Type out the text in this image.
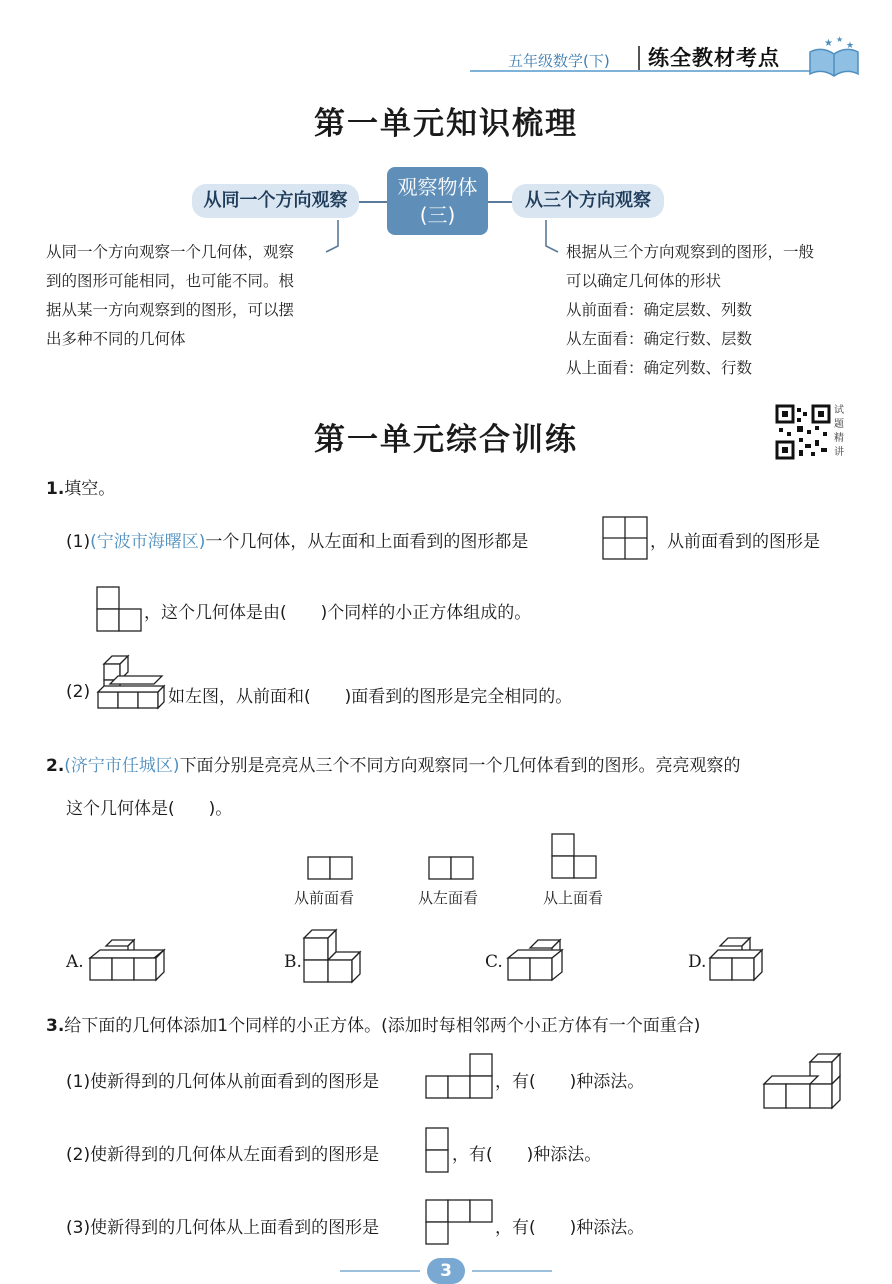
五年级数学(下) 练全教材考点
★ ★
★
第一单元知识梳理
从同一个方向观察
观察物体
(三)
从三个方向观察
从同一个方向观察一个几何体，观察
到的图形可能相同，也可能不同。根
据从某一方向观察到的图形，可以摆
出多种不同的几何体
根据从三个方向观察到的图形，一般
可以确定几何体的形状
从前面看：确定层数、列数
从左面看：确定行数、层数
从上面看：确定列数、行数
第一单元综合训练
试题精讲
1.填空。
(1)(宁波市海曙区)一个几何体，从左面和上面看到的图形都是	，从前面看到的图形是
，这个几何体是由(　　)个同样的小正方体组成的。
(2)	如左图，从前面和(　　)面看到的图形是完全相同的。
2.(济宁市任城区)下面分别是亮亮从三个不同方向观察同一个几何体看到的图形。亮亮观察的
这个几何体是(　　)。
从前面看	从左面看	从上面看
A.	B.	C.	D.
3.给下面的几何体添加1个同样的小正方体。(添加时每相邻两个小正方体有一个面重合)
(1)使新得到的几何体从前面看到的图形是	，有(　　)种添法。
(2)使新得到的几何体从左面看到的图形是	，有(　　)种添法。
(3)使新得到的几何体从上面看到的图形是	，有(　　)种添法。
3
